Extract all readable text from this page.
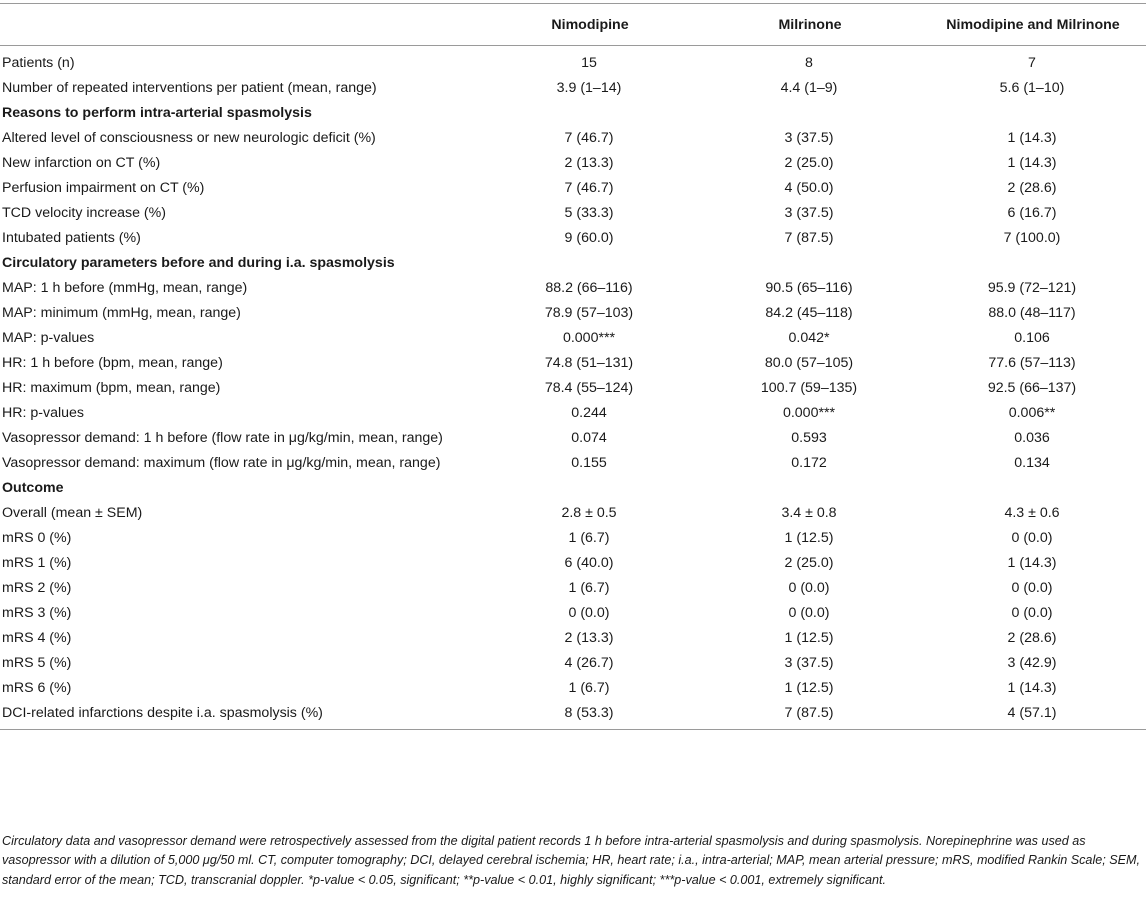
	Nimodipine	Milrinone	Nimodipine and Milrinone
Patients (n)	15	8	7
Number of repeated interventions per patient (mean, range)	3.9 (1–14)	4.4 (1–9)	5.6 (1–10)
Reasons to perform intra-arterial spasmolysis			
Altered level of consciousness or new neurologic deficit (%)	7 (46.7)	3 (37.5)	1 (14.3)
New infarction on CT (%)	2 (13.3)	2 (25.0)	1 (14.3)
Perfusion impairment on CT (%)	7 (46.7)	4 (50.0)	2 (28.6)
TCD velocity increase (%)	5 (33.3)	3 (37.5)	6 (16.7)
Intubated patients (%)	9 (60.0)	7 (87.5)	7 (100.0)
Circulatory parameters before and during i.a. spasmolysis			
MAP: 1 h before (mmHg, mean, range)	88.2 (66–116)	90.5 (65–116)	95.9 (72–121)
MAP: minimum (mmHg, mean, range)	78.9 (57–103)	84.2 (45–118)	88.0 (48–117)
MAP: p-values	0.000***	0.042*	0.106
HR: 1 h before (bpm, mean, range)	74.8 (51–131)	80.0 (57–105)	77.6 (57–113)
HR: maximum (bpm, mean, range)	78.4 (55–124)	100.7 (59–135)	92.5 (66–137)
HR: p-values	0.244	0.000***	0.006**
Vasopressor demand: 1 h before (flow rate in μg/kg/min, mean, range)	0.074	0.593	0.036
Vasopressor demand: maximum (flow rate in μg/kg/min, mean, range)	0.155	0.172	0.134
Outcome			
Overall (mean ± SEM)	2.8 ± 0.5	3.4 ± 0.8	4.3 ± 0.6
mRS 0 (%)	1 (6.7)	1 (12.5)	0 (0.0)
mRS 1 (%)	6 (40.0)	2 (25.0)	1 (14.3)
mRS 2 (%)	1 (6.7)	0 (0.0)	0 (0.0)
mRS 3 (%)	0 (0.0)	0 (0.0)	0 (0.0)
mRS 4 (%)	2 (13.3)	1 (12.5)	2 (28.6)
mRS 5 (%)	4 (26.7)	3 (37.5)	3 (42.9)
mRS 6 (%)	1 (6.7)	1 (12.5)	1 (14.3)
DCI-related infarctions despite i.a. spasmolysis (%)	8 (53.3)	7 (87.5)	4 (57.1)
Circulatory data and vasopressor demand were retrospectively assessed from the digital patient records 1 h before intra-arterial spasmolysis and during spasmolysis. Norepinephrine was used as vasopressor with a dilution of 5,000 μg/50 ml. CT, computer tomography; DCI, delayed cerebral ischemia; HR, heart rate; i.a., intra-arterial; MAP, mean arterial pressure; mRS, modified Rankin Scale; SEM, standard error of the mean; TCD, transcranial doppler. *p-value < 0.05, significant; **p-value < 0.01, highly significant; ***p-value < 0.001, extremely significant.
